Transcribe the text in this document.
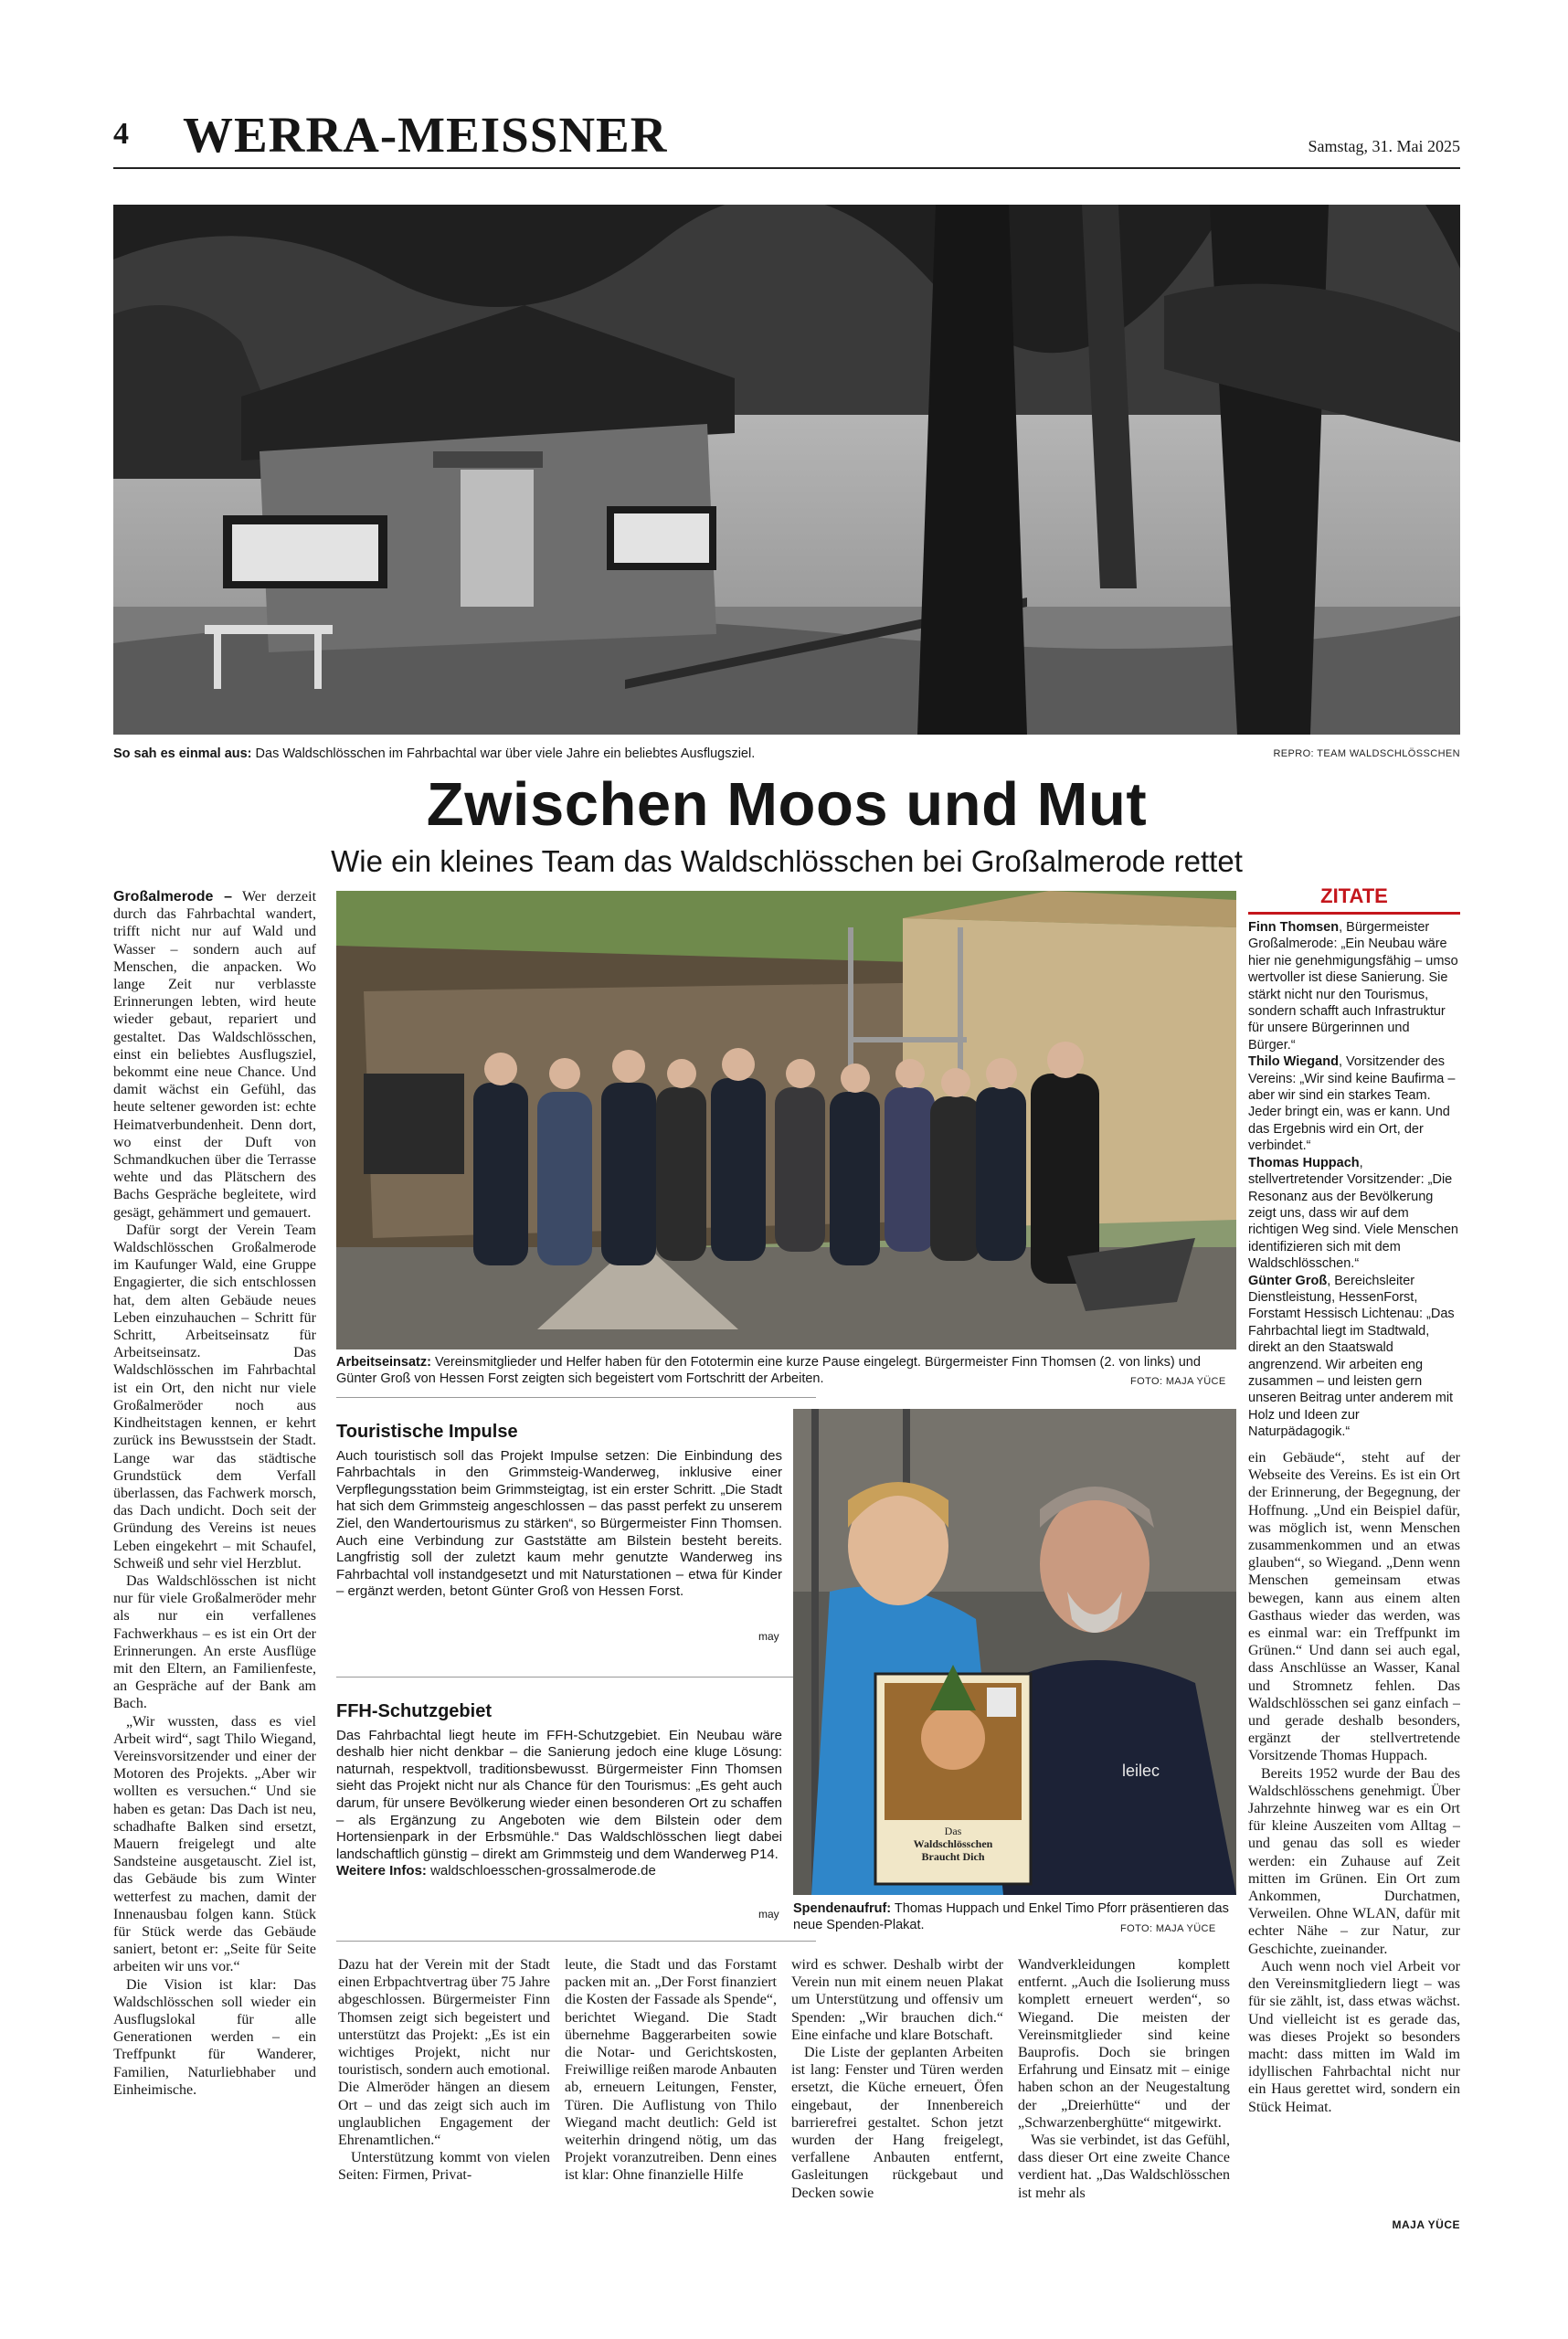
4 WERRA-MEISSNER	Samstag, 31. Mai 2025
So sah es einmal aus: Das Waldschlösschen im Fahrbachtal war über viele Jahre ein beliebtes Ausflugsziel.	REPRO: TEAM WALDSCHLÖSSCHEN
Zwischen Moos und Mut
Wie ein kleines Team das Waldschlösschen bei Großalmerode rettet

Großalmerode – Wer derzeit durch das Fahrbachtal wandert, trifft nicht nur auf Wald und Wasser – sondern auch auf Menschen, die anpacken. Wo lange Zeit nur verblasste Erinnerungen lebten, wird heute wieder gebaut, repariert und gestaltet. Das Waldschlösschen, einst ein beliebtes Ausflugsziel, bekommt eine neue Chance. Und damit wächst ein Gefühl, das heute seltener geworden ist: echte Heimatverbundenheit. Denn dort, wo einst der Duft von Schmandkuchen über die Terrasse wehte und das Plätschern des Bachs Gespräche begleitete, wird gesägt, gehämmert und gemauert.

Dafür sorgt der Verein Team Waldschlösschen Großalmerode im Kaufunger Wald, eine Gruppe Engagierter, die sich entschlossen hat, dem alten Gebäude neues Leben einzuhauchen – Schritt für Schritt, Arbeitseinsatz für Arbeitseinsatz. Das Waldschlösschen im Fahrbachtal ist ein Ort, den nicht nur viele Großalmeröder noch aus Kindheitstagen kennen, er kehrt zurück ins Bewusstsein der Stadt. Lange war das städtische Grundstück dem Verfall überlassen, das Fachwerk morsch, das Dach undicht. Doch seit der Gründung des Vereins ist neues Leben eingekehrt – mit Schaufel, Schweiß und sehr viel Herzblut.

Das Waldschlösschen ist nicht nur für viele Großalmeröder mehr als nur ein verfallenes Fachwerkhaus – es ist ein Ort der Erinnerungen. An erste Ausflüge mit den Eltern, an Familienfeste, an Gespräche auf der Bank am Bach.

„Wir wussten, dass es viel Arbeit wird“, sagt Thilo Wiegand, Vereinsvorsitzender und einer der Motoren des Projekts. „Aber wir wollten es versuchen.“ Und sie haben es getan: Das Dach ist neu, schadhafte Balken sind ersetzt, Mauern freigelegt und alte Sandsteine ausgetauscht. Ziel ist, das Gebäude bis zum Winter wetterfest zu machen, damit der Innenausbau folgen kann. Stück für Stück werde das Gebäude saniert, betont er: „Seite für Seite arbeiten wir uns vor.“

Die Vision ist klar: Das Waldschlösschen soll wieder ein Ausflugslokal für alle Generationen werden – ein Treffpunkt für Wanderer, Familien, Naturliebhaber und Einheimische.

Arbeitseinsatz: Vereinsmitglieder und Helfer haben für den Fototermin eine kurze Pause eingelegt. Bürgermeister Finn Thomsen (2. von links) und Günter Groß von Hessen Forst zeigten sich begeistert vom Fortschritt der Arbeiten.	FOTO: MAJA YÜCE
Touristische Impulse

Auch touristisch soll das Projekt Impulse setzen: Die Einbindung des Fahrbachtals in den Grimmsteig-Wanderweg, inklusive einer Verpflegungsstation beim Grimmsteigtag, ist ein erster Schritt. „Die Stadt hat sich dem Grimmsteig angeschlossen – das passt perfekt zu unserem Ziel, den Wandertourismus zu stärken“, so Bürgermeister Finn Thomsen. Auch eine Verbindung zur Gaststätte am Bilstein besteht bereits. Langfristig soll der zuletzt kaum mehr genutzte Wanderweg ins Fahrbachtal voll instandgesetzt und mit Naturstationen – etwa für Kinder – ergänzt werden, betont Günter Groß von Hessen Forst.

may
FFH-Schutzgebiet

Das Fahrbachtal liegt heute im FFH-Schutzgebiet. Ein Neubau wäre deshalb hier nicht denkbar – die Sanierung jedoch eine kluge Lösung: naturnah, respektvoll, traditionsbewusst. Bürgermeister Finn Thomsen sieht das Projekt nicht nur als Chance für den Tourismus: „Es geht auch darum, für unsere Bevölkerung wieder einen besonderen Ort zu schaffen – als Ergänzung zu Angeboten wie dem Bilstein oder dem Hortensienpark in der Erbsmühle.“ Das Waldschlösschen liegt dabei landschaftlich günstig – direkt am Grimmsteig und dem Wanderweg P14.

Weitere Infos: waldschloesschen-grossalmerode.de

may
Das
Waldschlösschen
Braucht Dich
leilec
Spendenaufruf: Thomas Huppach und Enkel Timo Pforr präsentieren das neue Spenden-Plakat.	FOTO: MAJA YÜCE

Dazu hat der Verein mit der Stadt einen Erbpachtvertrag über 75 Jahre abgeschlossen. Bürgermeister Finn Thomsen zeigt sich begeistert und unterstützt das Projekt: „Es ist ein wichtiges Projekt, nicht nur touristisch, sondern auch emotional. Die Almeröder hängen an diesem Ort – und das zeigt sich auch im unglaublichen Engagement der Ehrenamtlichen.“

Unterstützung kommt von vielen Seiten: Firmen, Privat-

leute, die Stadt und das Forstamt packen mit an. „Der Forst finanziert die Kosten der Fassade als Spende“, berichtet Wiegand. Die Stadt übernehme Baggerarbeiten sowie die Notar- und Gerichtskosten, Freiwillige reißen marode Anbauten ab, erneuern Leitungen, Fenster, Türen. Die Auflistung von Thilo Wiegand macht deutlich: Geld ist weiterhin dringend nötig, um das Projekt voranzutreiben. Denn eines ist klar: Ohne finanzielle Hilfe

wird es schwer. Deshalb wirbt der Verein nun mit einem neuen Plakat um Unterstützung und offensiv um Spenden: „Wir brauchen dich.“ Eine einfache und klare Botschaft.

Die Liste der geplanten Arbeiten ist lang: Fenster und Türen werden ersetzt, die Küche erneuert, Öfen eingebaut, der Innenbereich barrierefrei gestaltet. Schon jetzt wurden der Hang freigelegt, verfallene Anbauten entfernt, Gasleitungen rückgebaut und Decken sowie

Wandverkleidungen komplett entfernt. „Auch die Isolierung muss komplett erneuert werden“, so Wiegand. Die meisten der Vereinsmitglieder sind keine Bauprofis. Doch sie bringen Erfahrung und Einsatz mit – einige haben schon an der Neugestaltung der „Dreierhütte“ und der „Schwarzenberghütte“ mitgewirkt.

Was sie verbindet, ist das Gefühl, dass dieser Ort eine zweite Chance verdient hat. „Das Waldschlösschen ist mehr als

ZITATE

Finn Thomsen, Bürgermeister Großalmerode: „Ein Neubau wäre hier nie genehmigungsfähig – umso wertvoller ist diese Sanierung. Sie stärkt nicht nur den Tourismus, sondern schafft auch Infrastruktur für unsere Bürgerinnen und Bürger.“

Thilo Wiegand, Vorsitzender des Vereins: „Wir sind keine Baufirma – aber wir sind ein starkes Team. Jeder bringt ein, was er kann. Und das Ergebnis wird ein Ort, der verbindet.“

Thomas Huppach, stellvertretender Vorsitzender: „Die Resonanz aus der Bevölkerung zeigt uns, dass wir auf dem richtigen Weg sind. Viele Menschen identifizieren sich mit dem Waldschlösschen.“

Günter Groß, Bereichsleiter Dienstleistung, HessenForst, Forstamt Hessisch Lichtenau: „Das Fahrbachtal liegt im Stadtwald, direkt an den Staatswald angrenzend. Wir arbeiten eng zusammen – und leisten gern unseren Beitrag unter anderem mit Holz und Ideen zur Naturpädagogik.“

ein Gebäude“, steht auf der Webseite des Vereins. Es ist ein Ort der Erinnerung, der Begegnung, der Hoffnung. „Und ein Beispiel dafür, was möglich ist, wenn Menschen zusammenkommen und an etwas glauben“, so Wiegand. „Denn wenn Menschen gemeinsam etwas bewegen, kann aus einem alten Gasthaus wieder das werden, was es einmal war: ein Treffpunkt im Grünen.“ Und dann sei auch egal, dass Anschlüsse an Wasser, Kanal und Stromnetz fehlen. Das Waldschlösschen sei ganz einfach – und gerade deshalb besonders, ergänzt der stellvertretende Vorsitzende Thomas Huppach.

Bereits 1952 wurde der Bau des Waldschlösschens genehmigt. Über Jahrzehnte hinweg war es ein Ort für kleine Auszeiten vom Alltag – und genau das soll es wieder werden: ein Zuhause auf Zeit mitten im Grünen. Ein Ort zum Ankommen, Durchatmen, Verweilen. Ohne WLAN, dafür mit echter Nähe – zur Natur, zur Geschichte, zueinander.

Auch wenn noch viel Arbeit vor den Vereinsmitgliedern liegt – was für sie zählt, ist, dass etwas wächst. Und vielleicht ist es gerade das, was dieses Projekt so besonders macht: dass mitten im Wald im idyllischen Fahrbachtal nicht nur ein Haus gerettet wird, sondern ein Stück Heimat.

MAJA YÜCE
